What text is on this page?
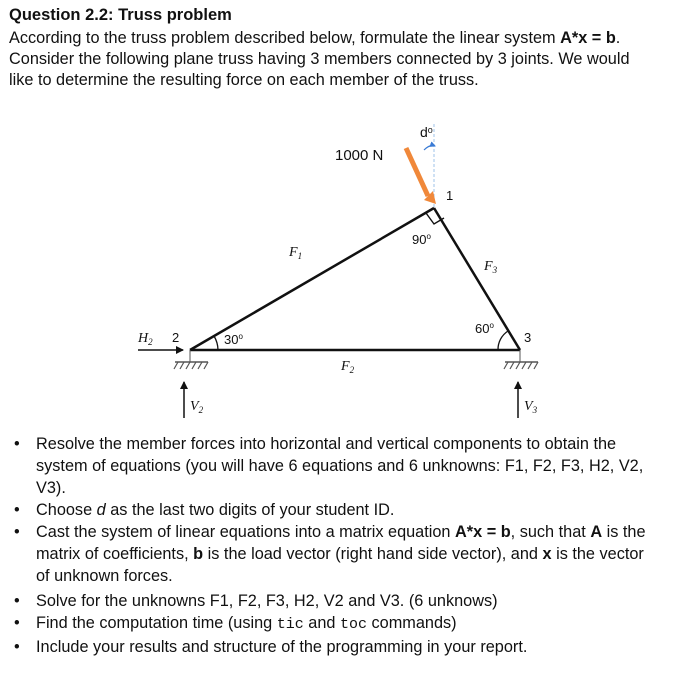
Question 2.2: Truss problem
According to the truss problem described below, formulate the linear system A*x = b.
Consider the following plane truss having 3 members connected by 3 joints. We would
like to determine the resulting force on each member of the truss.
1000 N
$d^o$
1
90$^o$
$F_1$
$F_3$
$F_2$
$H_2$ 2	30$^o$
60$^o$
3
$V_2$	$V_3$
• Resolve the member forces into horizontal and vertical components to obtain the
system of equations (you will have 6 equations and 6 unknowns: F1, F2, F3, H2, V2,
V3).
• Choose d as the last two digits of your student ID.
• Cast the system of linear equations into a matrix equation A*x = b, such that A is the
matrix of coefficients, b is the load vector (right hand side vector), and x is the vector
of unknown forces.
• Solve for the unknowns F1, F2, F3, H2, V2 and V3. (6 unknows)
• Find the computation time (using tic and toc commands)
• Include your results and structure of the programming in your report.
